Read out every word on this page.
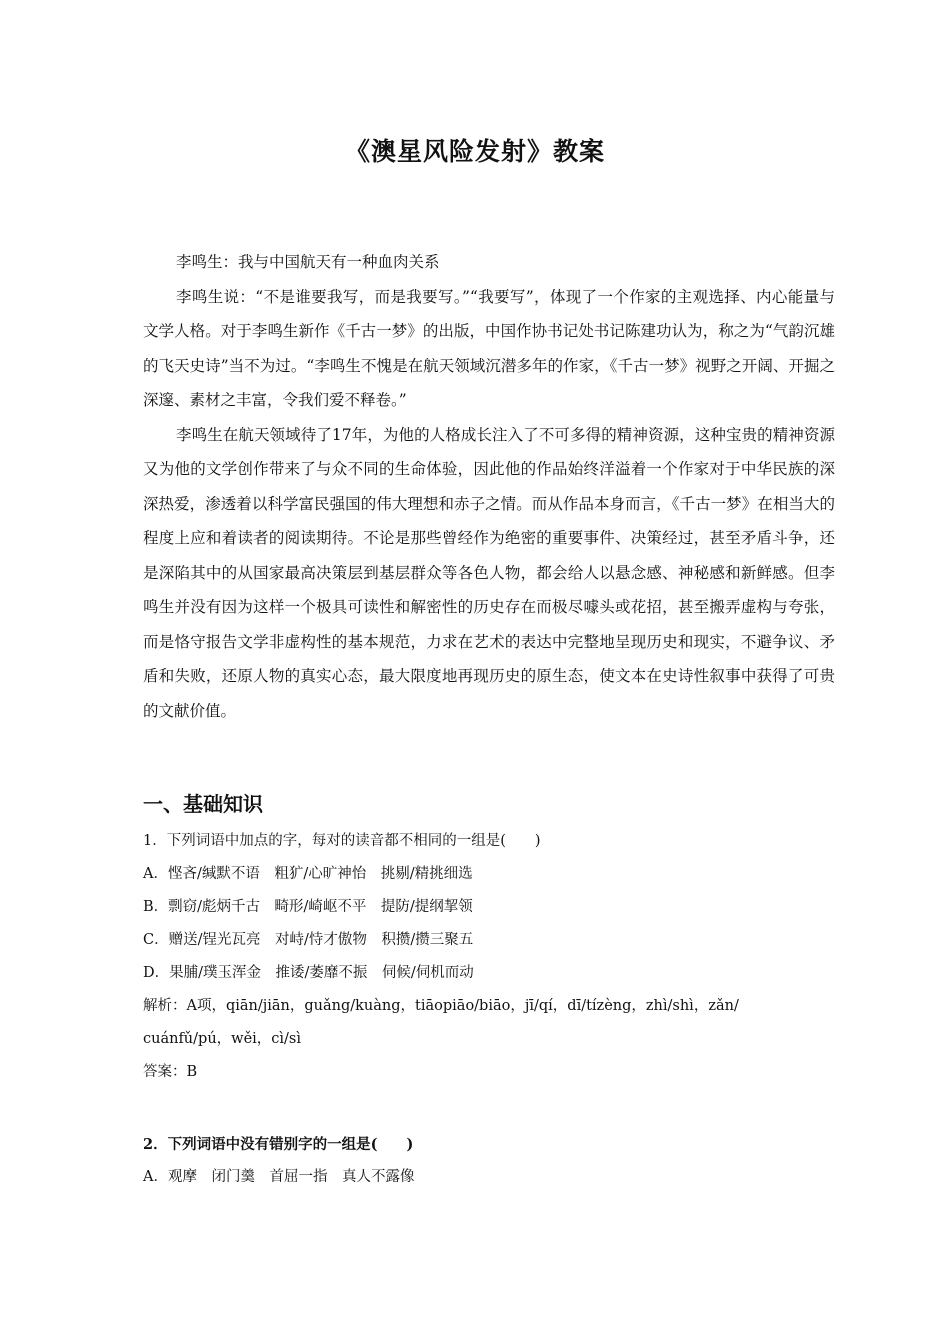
《澳星风险发射》教案

李鸣生：我与中国航天有一种血肉关系

李鸣生说：“不是谁要我写，而是我要写。”“我要写”，体现了一个作家的主观选择、内心能量与文学人格。对于李鸣生新作《千古一梦》的出版，中国作协书记处书记陈建功认为，称之为“气韵沉雄的飞天史诗”当不为过。“李鸣生不愧是在航天领域沉潜多年的作家，《千古一梦》视野之开阔、开掘之深邃、素材之丰富，令我们爱不释卷。”

李鸣生在航天领域待了17年，为他的人格成长注入了不可多得的精神资源，这种宝贵的精神资源又为他的文学创作带来了与众不同的生命体验，因此他的作品始终洋溢着一个作家对于中华民族的深深热爱，渗透着以科学富民强国的伟大理想和赤子之情。而从作品本身而言，《千古一梦》在相当大的程度上应和着读者的阅读期待。不论是那些曾经作为绝密的重要事件、决策经过，甚至矛盾斗争，还是深陷其中的从国家最高决策层到基层群众等各色人物，都会给人以悬念感、神秘感和新鲜感。但李鸣生并没有因为这样一个极具可读性和解密性的历史存在而极尽噱头或花招，甚至搬弄虚构与夸张，而是恪守报告文学非虚构性的基本规范，力求在艺术的表达中完整地呈现历史和现实，不避争议、矛盾和失败，还原人物的真实心态，最大限度地再现历史的原生态，使文本在史诗性叙事中获得了可贵的文献价值。

一、基础知识

1．下列词语中加点的字，每对的读音都不相同的一组是(　　)

A．悭吝/缄默不语　粗犷/心旷神怡　挑剔/精挑细选

B．剽窃/彪炳千古　畸形/崎岖不平　提防/提纲挈领

C．赠送/锃光瓦亮　对峙/恃才傲物　积攒/攒三聚五

D．果脯/璞玉浑金　推诿/萎靡不振　伺候/伺机而动

解析：A项，qiān/jiān，guǎng/kuàng，tiāopiāo/biāo，jī/qí，dī/tízèng，zhì/shì，zǎn/

cuánfǔ/pú，wěi，cì/sì

答案：B

2．下列词语中没有错别字的一组是(　　)

A．观摩　闭门羹　首屈一指　真人不露像
